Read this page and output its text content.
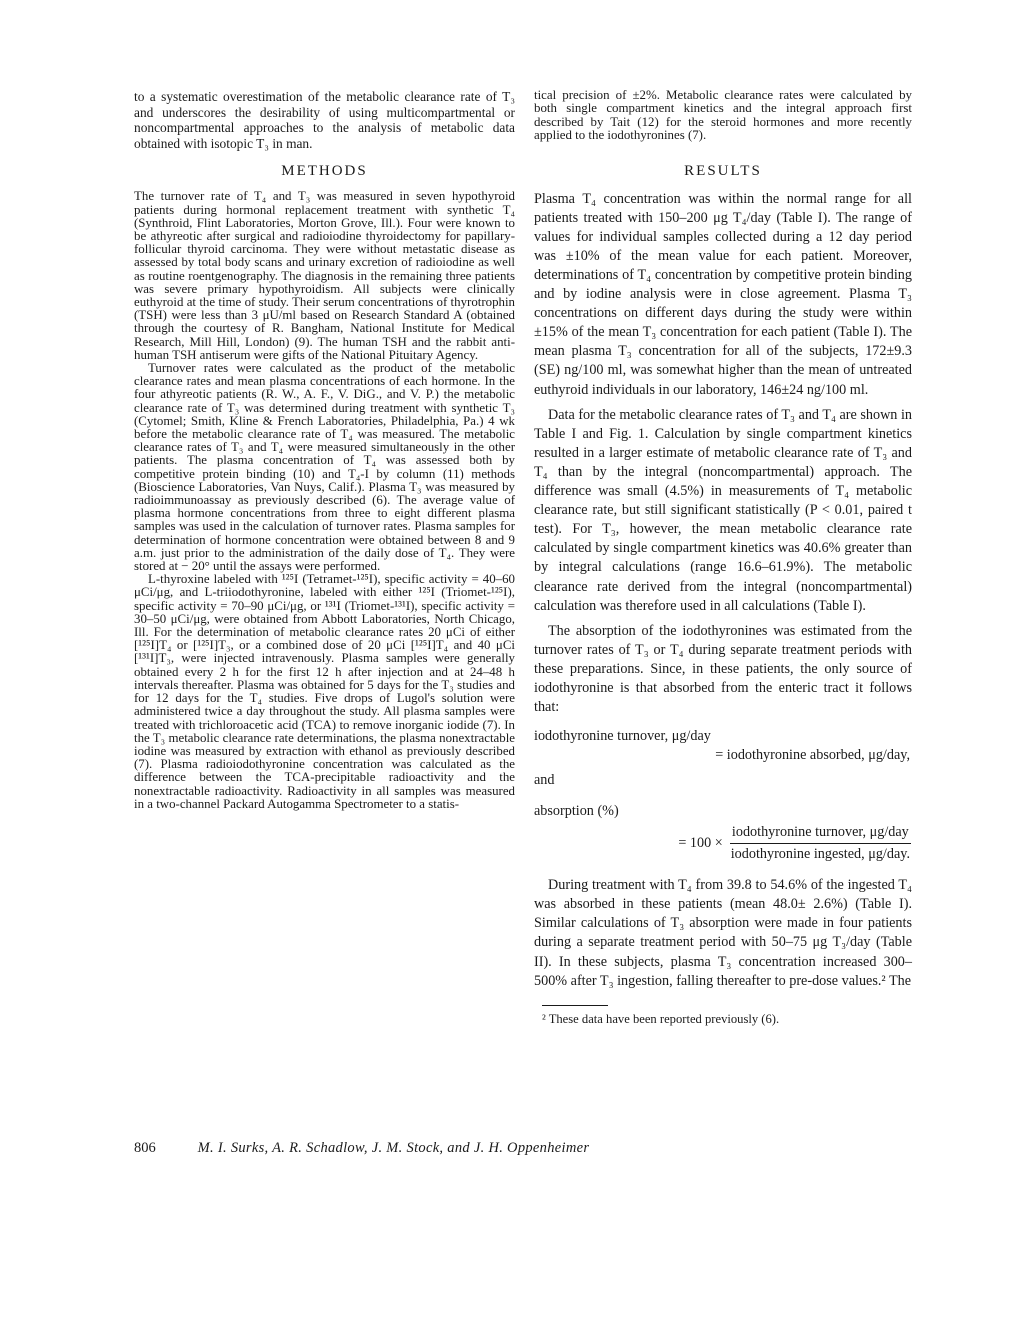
to a systematic overestimation of the metabolic clearance rate of T₃ and underscores the desirability of using multicompartmental or noncompartmental approaches to the analysis of metabolic data obtained with isotopic T₃ in man.

METHODS

The turnover rate of T₄ and T₃ was measured in seven hypothyroid patients during hormonal replacement treatment with synthetic T₄ (Synthroid, Flint Laboratories, Morton Grove, Ill.). Four were known to be athyreotic after surgical and radioiodine thyroidectomy for papillary-follicular thyroid carcinoma. They were without metastatic disease as assessed by total body scans and urinary excretion of radioiodine as well as routine roentgenography. The diagnosis in the remaining three patients was severe primary hypothyroidism. All subjects were clinically euthyroid at the time of study. Their serum concentrations of thyrotrophin (TSH) were less than 3 μU/ml based on Research Standard A (obtained through the courtesy of R. Bangham, National Institute for Medical Research, Mill Hill, London) (9). The human TSH and the rabbit anti-human TSH antiserum were gifts of the National Pituitary Agency.

Turnover rates were calculated as the product of the metabolic clearance rates and mean plasma concentrations of each hormone. In the four athyreotic patients (R. W., A. F., V. DiG., and V. P.) the metabolic clearance rate of T₃ was determined during treatment with synthetic T₃ (Cytomel; Smith, Kline & French Laboratories, Philadelphia, Pa.) 4 wk before the metabolic clearance rate of T₄ was measured. The metabolic clearance rates of T₃ and T₄ were measured simultaneously in the other patients. The plasma concentration of T₄ was assessed both by competitive protein binding (10) and T₄-I by column (11) methods (Bioscience Laboratories, Van Nuys, Calif.). Plasma T₃ was measured by radioimmunoassay as previously described (6). The average value of plasma hormone concentrations from three to eight different plasma samples was used in the calculation of turnover rates. Plasma samples for determination of hormone concentration were obtained between 8 and 9 a.m. just prior to the administration of the daily dose of T₄. They were stored at − 20° until the assays were performed.

L-thyroxine labeled with ¹²⁵I (Tetramet-¹²⁵I), specific activity = 40–60 μCi/μg, and L-triiodothyronine, labeled with either ¹²⁵I (Triomet-¹²⁵I), specific activity = 70–90 μCi/μg, or ¹³¹I (Triomet-¹³¹I), specific activity = 30–50 μCi/μg, were obtained from Abbott Laboratories, North Chicago, Ill. For the determination of metabolic clearance rates 20 μCi of either [¹²⁵I]T₄ or [¹²⁵I]T₃, or a combined dose of 20 μCi [¹²⁵I]T₄ and 40 μCi [¹³¹I]T₃, were injected intravenously. Plasma samples were generally obtained every 2 h for the first 12 h after injection and at 24–48 h intervals thereafter. Plasma was obtained for 5 days for the T₃ studies and for 12 days for the T₄ studies. Five drops of Lugol's solution were administered twice a day throughout the study. All plasma samples were treated with trichloroacetic acid (TCA) to remove inorganic iodide (7). In the T₃ metabolic clearance rate determinations, the plasma nonextractable iodine was measured by extraction with ethanol as previously described (7). Plasma radioiodothyronine concentration was calculated as the difference between the TCA-precipitable radioactivity and the nonextractable radioactivity. Radioactivity in all samples was measured in a two-channel Packard Autogamma Spectrometer to a statis-

tical precision of ±2%. Metabolic clearance rates were calculated by both single compartment kinetics and the integral approach first described by Tait (12) for the steroid hormones and more recently applied to the iodothyronines (7).

RESULTS

Plasma T₄ concentration was within the normal range for all patients treated with 150–200 μg T₄/day (Table I). The range of values for individual samples collected during a 12 day period was ±10% of the mean value for each patient. Moreover, determinations of T₄ concentration by competitive protein binding and by iodine analysis were in close agreement. Plasma T₃ concentrations on different days during the study were within ±15% of the mean T₃ concentration for each patient (Table I). The mean plasma T₃ concentration for all of the subjects, 172±9.3 (SE) ng/100 ml, was somewhat higher than the mean of untreated euthyroid individuals in our laboratory, 146±24 ng/100 ml.

Data for the metabolic clearance rates of T₃ and T₄ are shown in Table I and Fig. 1. Calculation by single compartment kinetics resulted in a larger estimate of metabolic clearance rate of T₃ and T₄ than by the integral (noncompartmental) approach. The difference was small (4.5%) in measurements of T₄ metabolic clearance rate, but still significant statistically (P < 0.01, paired t test). For T₃, however, the mean metabolic clearance rate calculated by single compartment kinetics was 40.6% greater than by integral calculations (range 16.6–61.9%). The metabolic clearance rate derived from the integral (noncompartmental) calculation was therefore used in all calculations (Table I).

The absorption of the iodothyronines was estimated from the turnover rates of T₃ or T₄ during separate treatment periods with these preparations. Since, in these patients, the only source of iodothyronine is that absorbed from the enteric tract it follows that:

iodothyronine turnover, μg/day
= iodothyronine absorbed, μg/day,
and
absorption (%)
= $100 \times \frac{\text{iodothyronine turnover, μg/day}}{\text{iodothyronine ingested, μg/day.}}$

During treatment with T₄ from 39.8 to 54.6% of the ingested T₄ was absorbed in these patients (mean 48.0± 2.6%) (Table I). Similar calculations of T₃ absorption were made in four patients during a separate treatment period with 50–75 μg T₃/day (Table II). In these subjects, plasma T₃ concentration increased 300–500% after T₃ ingestion, falling thereafter to pre-dose values.² The

² These data have been reported previously (6).
806	M. I. Surks, A. R. Schadlow, J. M. Stock, and J. H. Oppenheimer
